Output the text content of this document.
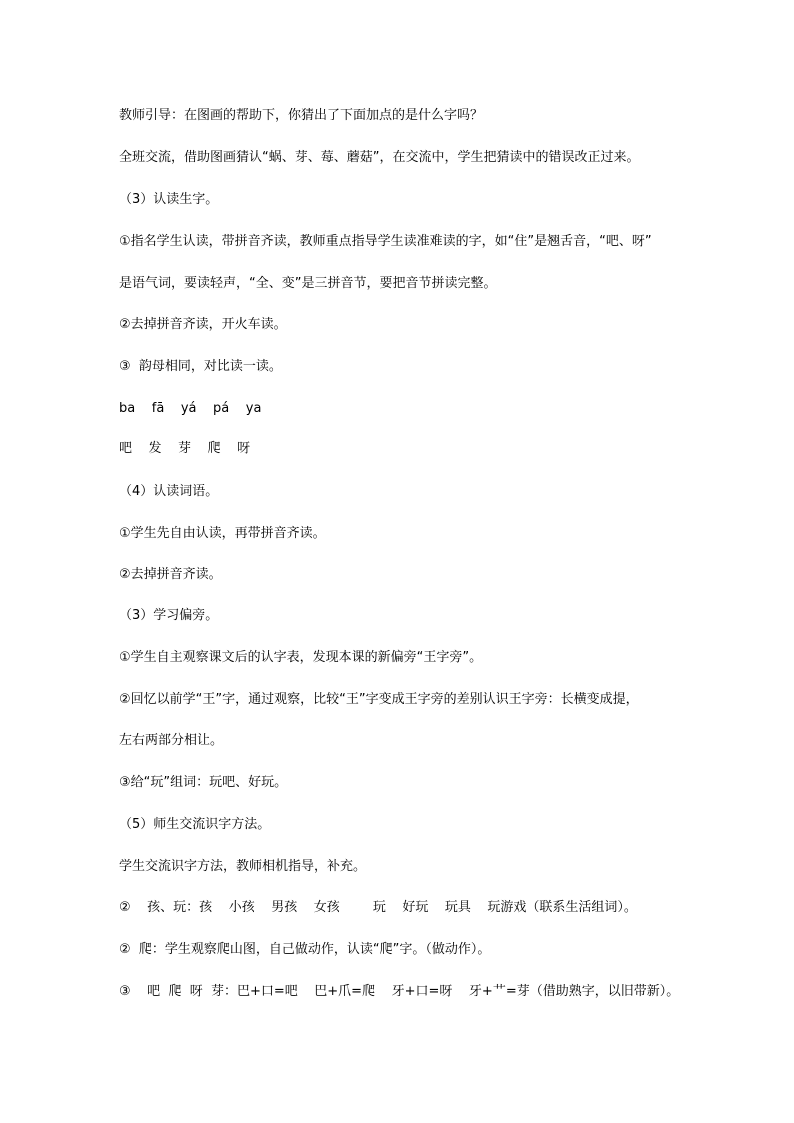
教师引导：在图画的帮助下，你猜出了下面加点的是什么字吗？
全班交流，借助图画猜认“蜗、芽、莓、蘑菇”，在交流中，学生把猜读中的错误改正过来。
（3）认读生字。
①指名学生认读，带拼音齐读，教师重点指导学生读准难读的字，如“住”是翘舌音，“吧、呀”
是语气词，要读轻声，“全、变”是三拼音节，要把音节拼读完整。
②去掉拼音齐读，开火车读。
③  韵母相同，对比读一读。
ba    fā    yá    pá    ya
吧    发    芽    爬    呀
（4）认读词语。
①学生先自由认读，再带拼音齐读。
②去掉拼音齐读。
（3）学习偏旁。
①学生自主观察课文后的认字表，发现本课的新偏旁“王字旁”。
②回忆以前学“王”字，通过观察，比较“王”字变成王字旁的差别认识王字旁：长横变成提，
左右两部分相让。
③给“玩”组词：玩吧、好玩。
（5）师生交流识字方法。
学生交流识字方法，教师相机指导，补充。
②    孩、玩：孩    小孩    男孩    女孩        玩    好玩    玩具    玩游戏（联系生活组词）。
②  爬：学生观察爬山图，自己做动作，认读“爬”字。（做动作）。
③    吧  爬  呀  芽：巴+口=吧    巴+爪=爬    牙+口=呀    牙+艹=芽（借助熟字，以旧带新）。
